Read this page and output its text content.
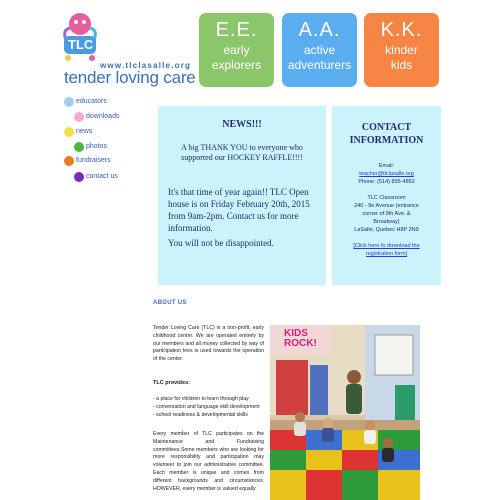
TLC
www.tlclasalle.org
tender loving care
E.E.
early
explorers
A.A.
active
adventurers
K.K.
kinder
kids
educators
downloads
news
photos
fundraisers
contact us
NEWS!!!
A big THANK YOU to everyone who supported our HOCKEY RAFFLE!!!!
It's that time of year again!! TLC Open house is on Friday February 20th, 2015 from 9am-2pm. Contact us for more information.
You will not be disappointed.
CONTACT INFORMATION
Email:
teacher@tlclasalle.org
Phone: (514) 895-4852
TLC Classroom
240 - 9e Avenue (entrance
corner of 9th Ave. &
Broadway)
LaSalle, Quebec H8P 2N9
[Click here to download the
registration form]
ABOUT US
Tender Loving Care (TLC) is a non-profit, early childhood center. We are operated entirely by our members and all money collected by way of participation fees is used towards the operation of the center.
TLC provides:
- a place for children to learn through play
- conversation and language skill development
- school readiness & developmental skills
Every member of TLC participates on the Maintenance and Fundraising committees.Some members who are looking for more responsibility and participation may volunteer to join our administrative committee. Each member is unique and comes from different backgrounds and circumstances. HOWEVER, every member is valued equally
KIDS ROCK!
